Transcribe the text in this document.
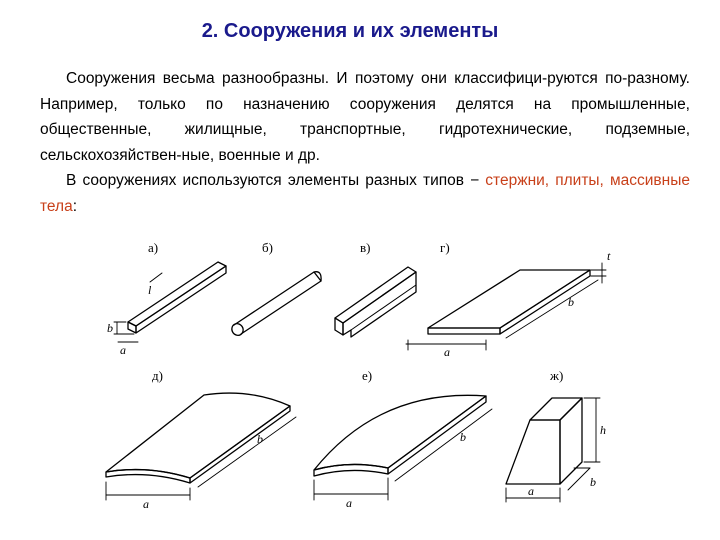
2. Сооружения и их элементы

Сооружения весьма разнообразны. И поэтому они классифици-руются по-разному. Например, только по назначению сооружения делятся на промышленные, общественные, жилищные, транспортные, гидротехнические, подземные, сельскохозяйствен-ные, военные и др.

В сооружениях используются элементы разных типов − стержни, плиты, массивные тела:

а)
l
b
a
б)	в)	г)
t
b
a
д)
b
a
е)
b
a
ж)
h
b
a
